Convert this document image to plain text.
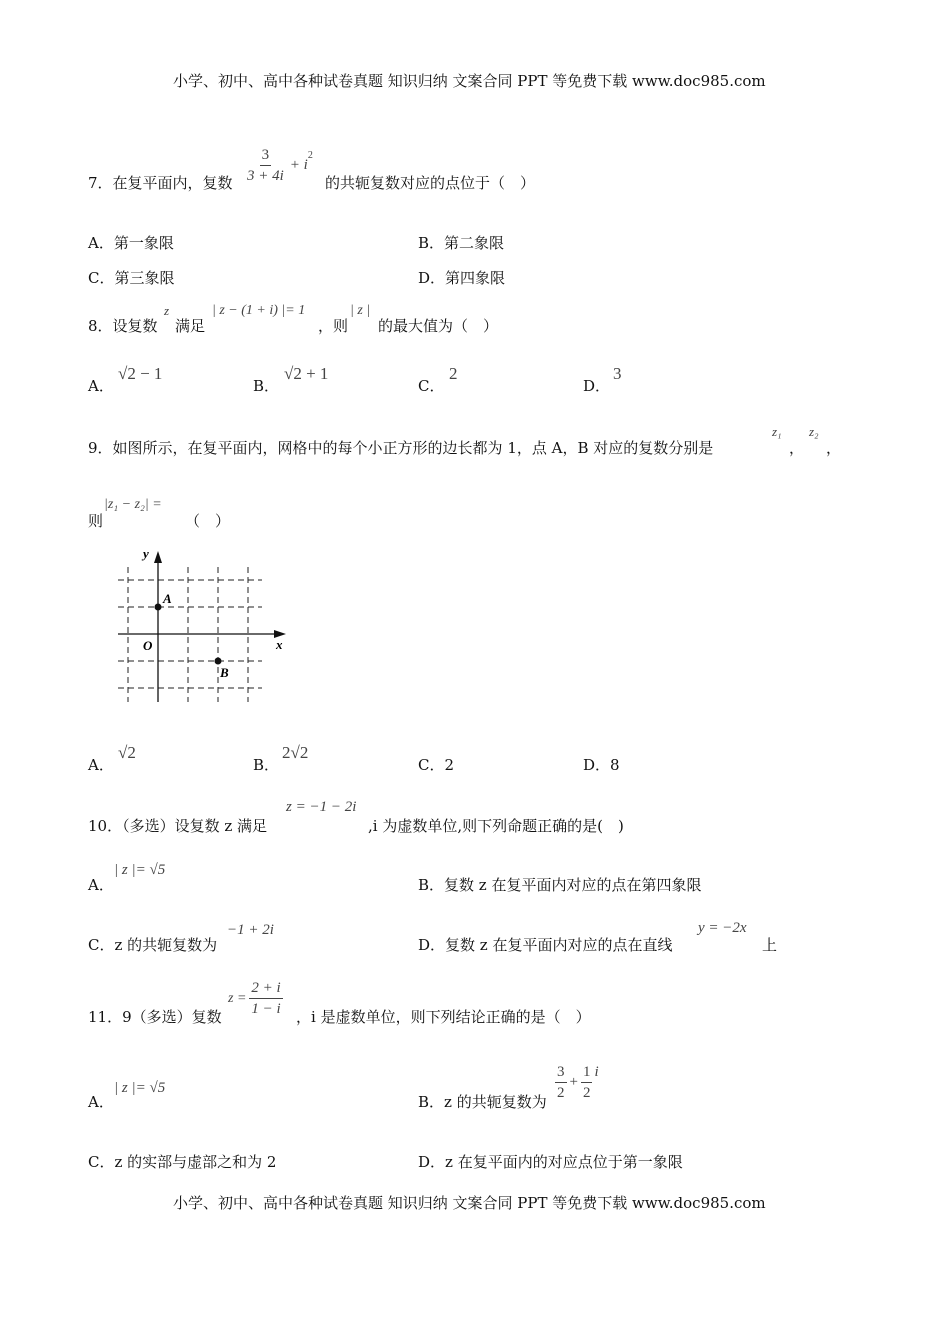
小学、初中、高中各种试卷真题 知识归纳 文案合同 PPT 等免费下载 www.doc985.com
7．在复平面内，复数 $\frac{3}{3 + 4i} + i$
$^2$
的共轭复数对应的点位于（　）
A．第一象限	B．第二象限
C．第三象限	D．第四象限
8．设复数
z
满足
| z − (1 + i) |= 1
，则
| z |
的最大值为（　）
A．
√2 − 1
B．
√2 + 1
C．
2
D．
3
9．如图所示，在复平面内，网格中的每个小正方形的边长都为 1，点 A，B 对应的复数分别是
z₁
，
z₂
，
则
|z₁ − z₂| =
（　）
y
x
O
A
B
A．
√2
B．
2√2
C．2	D．8
10．（多选）设复数 z 满足
z = −1 − 2i
,i 为虚数单位,则下列命题正确的是(　)
A．
| z |= √5
B．复数 z 在复平面内对应的点在第四象限
C．z 的共轭复数为
−1 + 2i
D．复数 z 在复平面内对应的点在直线
y = −2x
上
11．9（多选）复数
$z = \frac{2 + i}{1 - i}$ ，i 是虚数单位，则下列结论正确的是（　）
A．
| z |= √5
B．z 的共轭复数为 $\frac{3}{2} + \frac{1}{2}$ i
C．z 的实部与虚部之和为 2	D．z 在复平面内的对应点位于第一象限
小学、初中、高中各种试卷真题 知识归纳 文案合同 PPT 等免费下载 www.doc985.com
